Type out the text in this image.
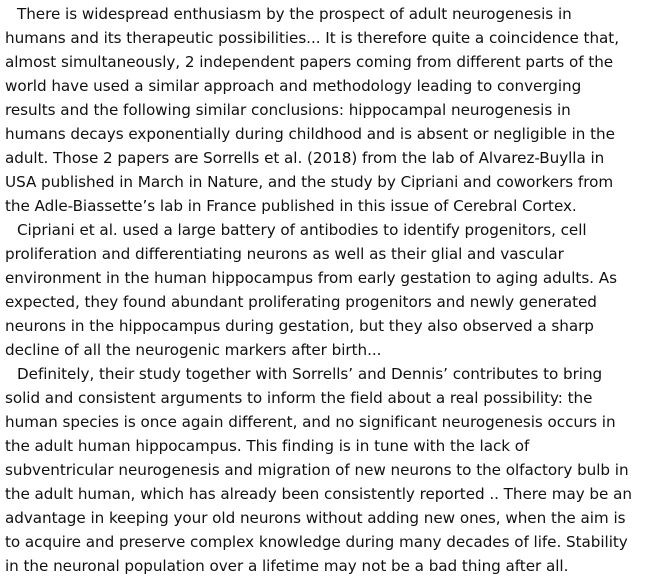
There is widespread enthusiasm by the prospect of adult neurogenesis in
humans and its therapeutic possibilities... It is therefore quite a coincidence that,
almost simultaneously, 2 independent papers coming from different parts of the
world have used a similar approach and methodology leading to converging
results and the following similar conclusions: hippocampal neurogenesis in
humans decays exponentially during childhood and is absent or negligible in the
adult. Those 2 papers are Sorrells et al. (2018) from the lab of Alvarez-Buylla in
USA published in March in Nature, and the study by Cipriani and coworkers from
the Adle-Biassette’s lab in France published in this issue of Cerebral Cortex.
Cipriani et al. used a large battery of antibodies to identify progenitors, cell
proliferation and differentiating neurons as well as their glial and vascular
environment in the human hippocampus from early gestation to aging adults. As
expected, they found abundant proliferating progenitors and newly generated
neurons in the hippocampus during gestation, but they also observed a sharp
decline of all the neurogenic markers after birth...
Definitely, their study together with Sorrells’ and Dennis’ contributes to bring
solid and consistent arguments to inform the field about a real possibility: the
human species is once again different, and no significant neurogenesis occurs in
the adult human hippocampus. This finding is in tune with the lack of
subventricular neurogenesis and migration of new neurons to the olfactory bulb in
the adult human, which has already been consistently reported .. There may be an
advantage in keeping your old neurons without adding new ones, when the aim is
to acquire and preserve complex knowledge during many decades of life. Stability
in the neuronal population over a lifetime may not be a bad thing after all.
